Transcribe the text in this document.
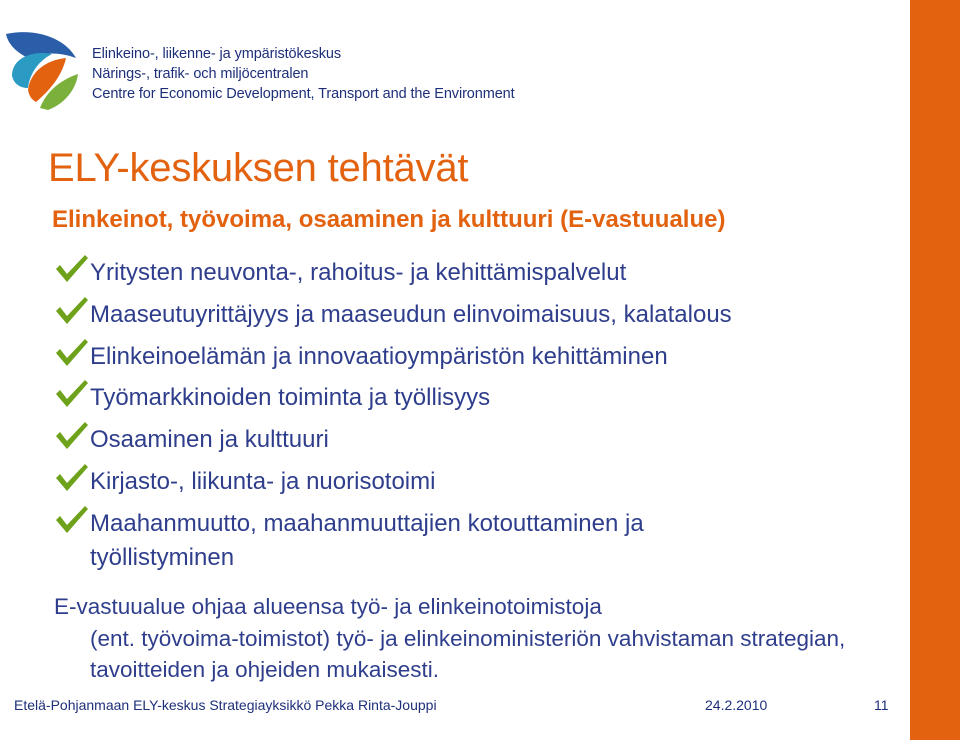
Elinkeino-, liikenne- ja ympäristökeskus
Närings-, trafik- och miljöcentralen
Centre for Economic Development, Transport and the Environment
ELY-keskuksen tehtävät
Elinkeinot, työvoima, osaaminen ja kulttuuri (E-vastuualue)
Yritysten neuvonta-, rahoitus- ja kehittämispalvelut
Maaseutuyrittäjyys ja maaseudun elinvoimaisuus, kalatalous
Elinkeinoelämän ja innovaatioympäristön kehittäminen
Työmarkkinoiden toiminta ja työllisyys
Osaaminen ja kulttuuri
Kirjasto-, liikunta- ja nuorisotoimi
Maahanmuutto, maahanmuuttajien kotouttaminen ja työllistyminen

E-vastuualue ohjaa alueensa työ- ja elinkeinotoimistoja
(ent. työvoima-toimistot) työ- ja elinkeinoministeriön vahvistaman strategian, tavoitteiden ja ohjeiden mukaisesti.

Etelä-Pohjanmaan ELY-keskus Strategiayksikkö Pekka Rinta-Jouppi	24.2.2010	11
